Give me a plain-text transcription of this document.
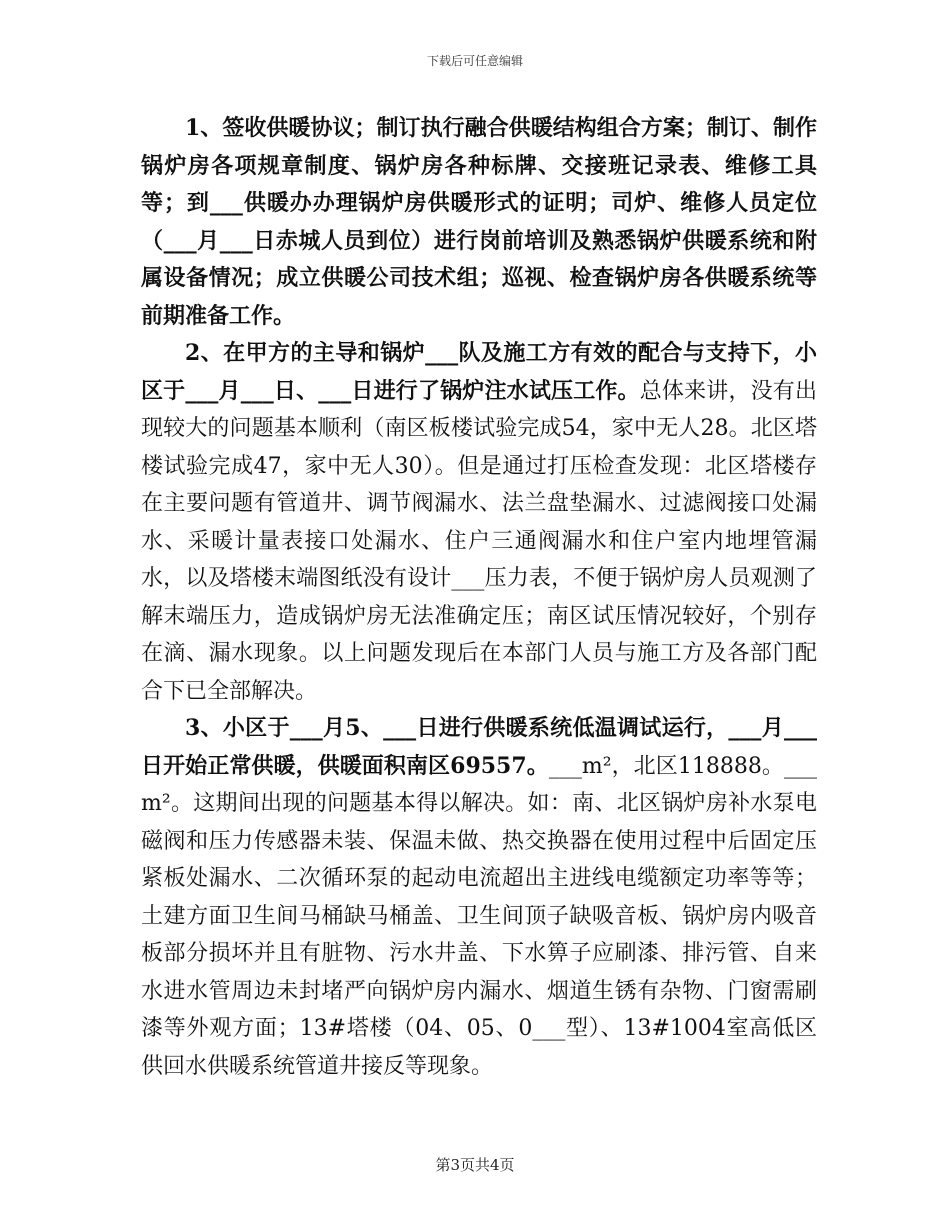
下载后可任意编辑

1、签收供暖协议；制订执行融合供暖结构组合方案；制订、制作锅炉房各项规章制度、锅炉房各种标牌、交接班记录表、维修工具等；到___供暖办办理锅炉房供暖形式的证明；司炉、维修人员定位（___月___日赤城人员到位）进行岗前培训及熟悉锅炉供暖系统和附属设备情况；成立供暖公司技术组；巡视、检查锅炉房各供暖系统等前期准备工作。

2、在甲方的主导和锅炉___队及施工方有效的配合与支持下，小区于___月___日、___日进行了锅炉注水试压工作。总体来讲，没有出现较大的问题基本顺利（南区板楼试验完成54，家中无人28。北区塔楼试验完成47，家中无人30）。但是通过打压检查发现：北区塔楼存在主要问题有管道井、调节阀漏水、法兰盘垫漏水、过滤阀接口处漏水、采暖计量表接口处漏水、住户三通阀漏水和住户室内地埋管漏水，以及塔楼末端图纸没有设计___压力表，不便于锅炉房人员观测了解末端压力，造成锅炉房无法准确定压；南区试压情况较好，个别存在滴、漏水现象。以上问题发现后在本部门人员与施工方及各部门配合下已全部解决。

3、小区于___月5、___日进行供暖系统低温调试运行，___月___日开始正常供暖，供暖面积南区69557。___m²，北区118888。___m²。这期间出现的问题基本得以解决。如：南、北区锅炉房补水泵电磁阀和压力传感器未装、保温未做、热交换器在使用过程中后固定压紧板处漏水、二次循环泵的起动电流超出主进线电缆额定功率等等；土建方面卫生间马桶缺马桶盖、卫生间顶子缺吸音板、锅炉房内吸音板部分损坏并且有脏物、污水井盖、下水箅子应刷漆、排污管、自来水进水管周边未封堵严向锅炉房内漏水、烟道生锈有杂物、门窗需刷漆等外观方面；13#塔楼（04、05、0___型）、13#1004室高低区供回水供暖系统管道井接反等现象。

第3页共4页
